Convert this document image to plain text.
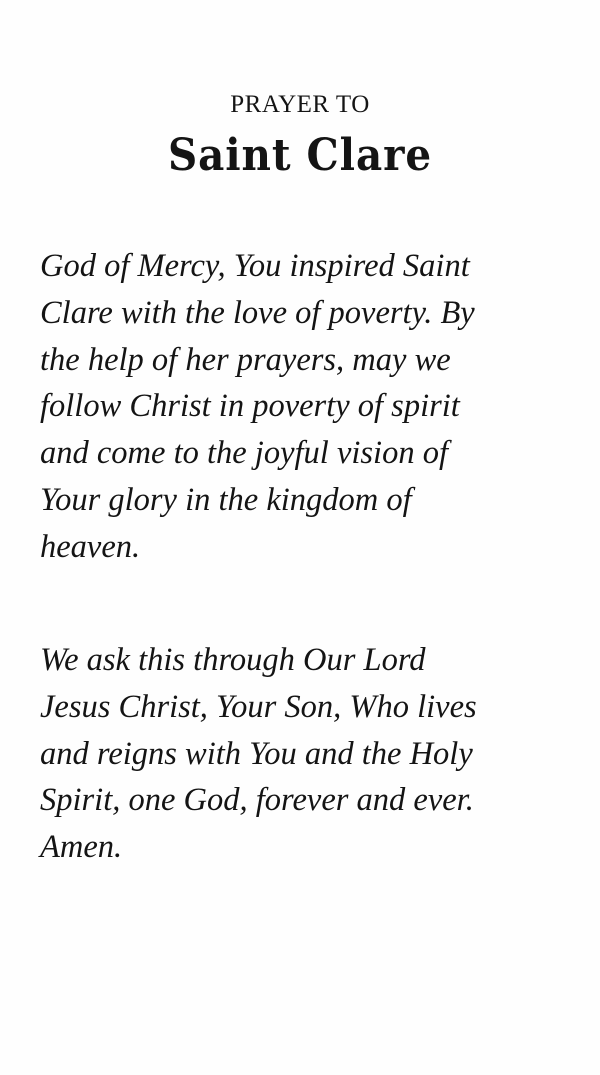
PRAYER TO
Saint Clare
God of Mercy, You inspired Saint
Clare with the love of poverty. By
the help of her prayers, may we
follow Christ in poverty of spirit
and come to the joyful vision of
Your glory in the kingdom of
heaven.
We ask this through Our Lord
Jesus Christ, Your Son, Who lives
and reigns with You and the Holy
Spirit, one God, forever and ever.
Amen.
